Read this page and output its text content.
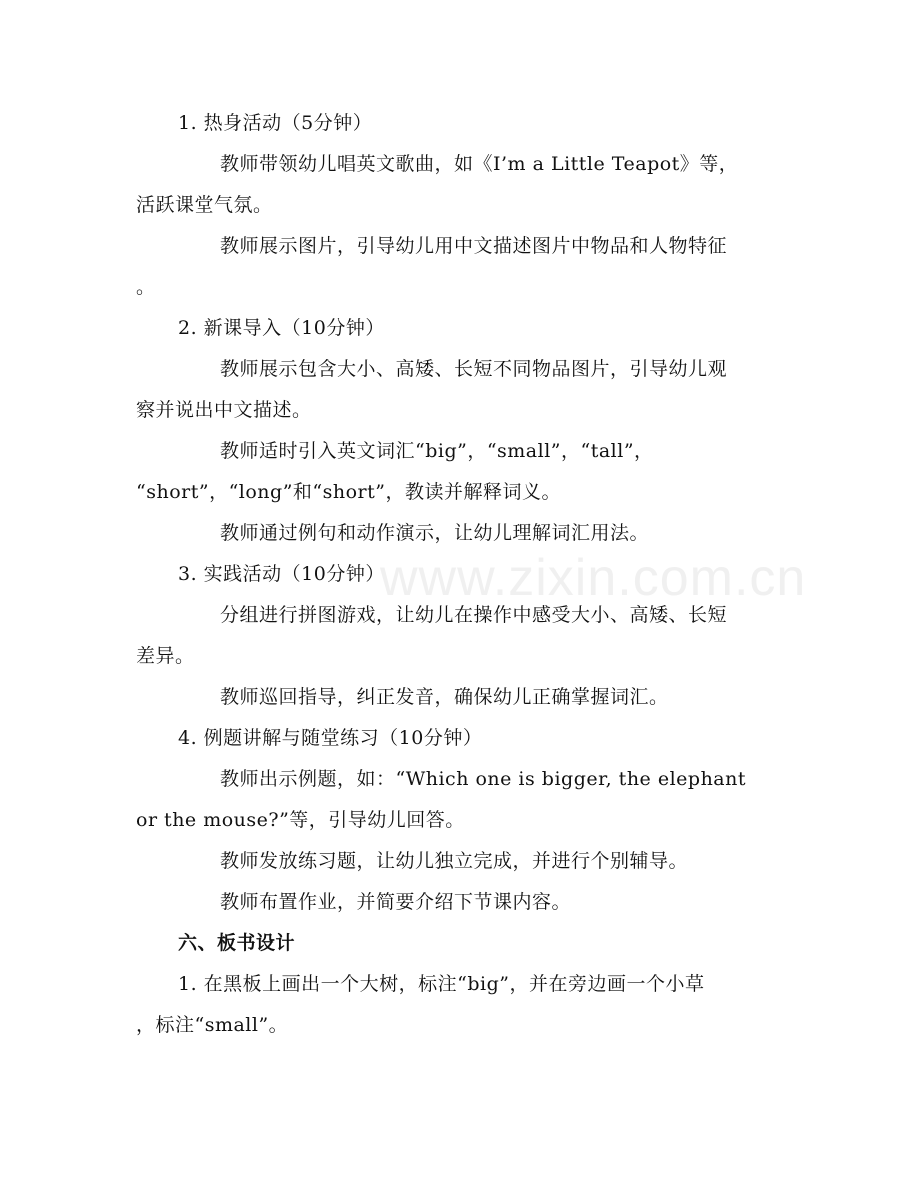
1. 热身活动（5分钟）
教师带领幼儿唱英文歌曲，如《I’m a Little Teapot》等，
活跃课堂气氛。
教师展示图片，引导幼儿用中文描述图片中物品和人物特征
。
2. 新课导入（10分钟）
教师展示包含大小、高矮、长短不同物品图片，引导幼儿观
察并说出中文描述。
教师适时引入英文词汇“big”，“small”，“tall”，
“short”，“long”和“short”，教读并解释词义。
教师通过例句和动作演示，让幼儿理解词汇用法。
3. 实践活动（10分钟）
分组进行拼图游戏，让幼儿在操作中感受大小、高矮、长短
差异。
教师巡回指导，纠正发音，确保幼儿正确掌握词汇。
4. 例题讲解与随堂练习（10分钟）
教师出示例题，如：“Which one is bigger, the elephant
or the mouse?”等，引导幼儿回答。
教师发放练习题，让幼儿独立完成，并进行个别辅导。
教师布置作业，并简要介绍下节课内容。
六、板书设计
1. 在黑板上画出一个大树，标注“big”，并在旁边画一个小草
，标注“small”。
www.zixin.com.cn
